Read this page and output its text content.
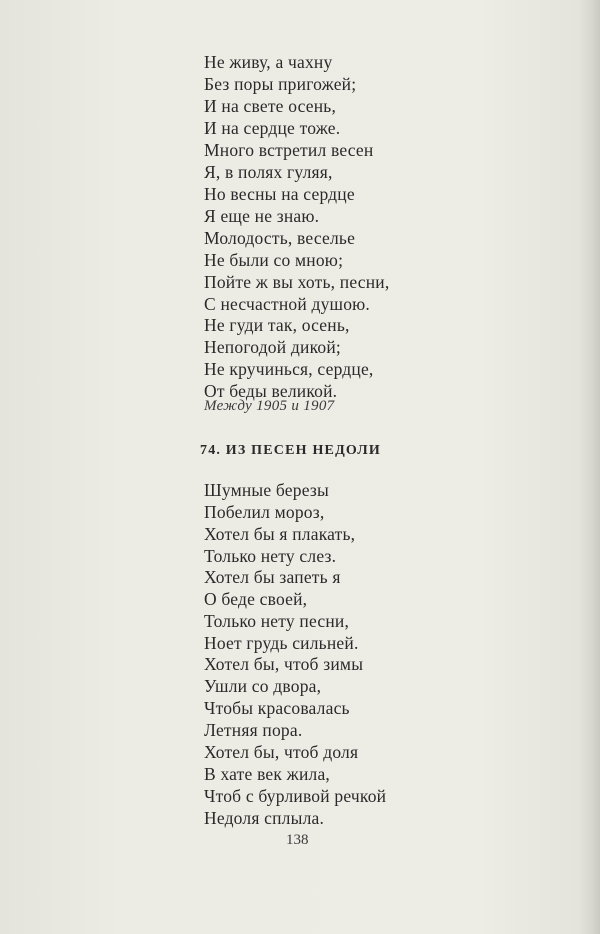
Не живу, а чахну
Без поры пригожей;
И на свете осень,
И на сердце тоже.
Много встретил весен
Я, в полях гуляя,
Но весны на сердце
Я еще не знаю.
Молодость, веселье
Не были со мною;
Пойте ж вы хоть, песни,
С несчастной душою.
Не гуди так, осень,
Непогодой дикой;
Не кручинься, сердце,
От беды великой.
Между 1905 и 1907
74. ИЗ ПЕСЕН НЕДОЛИ
Шумные березы
Побелил мороз,
Хотел бы я плакать,
Только нету слез.
Хотел бы запеть я
О беде своей,
Только нету песни,
Ноет грудь сильней.
Хотел бы, чтоб зимы
Ушли со двора,
Чтобы красовалась
Летняя пора.
Хотел бы, чтоб доля
В хате век жила,
Чтоб с бурливой речкой
Недоля сплыла.
138
